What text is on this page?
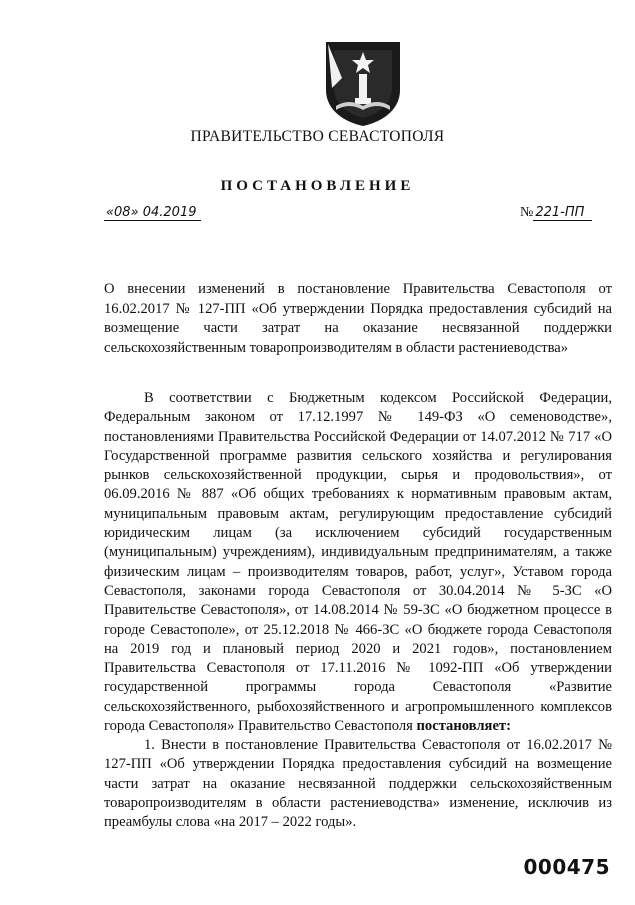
ПРАВИТЕЛЬСТВО СЕВАСТОПОЛЯ
ПОСТАНОВЛЕНИЕ
«08» 04.2019	№ 221-ПП
О внесении изменений в постановление Правительства Севастополя от 16.02.2017 № 127-ПП «Об утверждении Порядка предоставления субсидий на возмещение части затрат на оказание несвязанной поддержки сельскохозяйственным товаропроизводителям в области растениеводства»
В соответствии с Бюджетным кодексом Российской Федерации, Федеральным законом от 17.12.1997 № 149-ФЗ «О семеноводстве», постановлениями Правительства Российской Федерации от 14.07.2012 № 717 «О Государственной программе развития сельского хозяйства и регулирования рынков сельскохозяйственной продукции, сырья и продовольствия», от 06.09.2016 № 887 «Об общих требованиях к нормативным правовым актам, муниципальным правовым актам, регулирующим предоставление субсидий юридическим лицам (за исключением субсидий государственным (муниципальным) учреждениям), индивидуальным предпринимателям, а также физическим лицам – производителям товаров, работ, услуг», Уставом города Севастополя, законами города Севастополя от 30.04.2014 № 5-ЗС «О Правительстве Севастополя», от 14.08.2014 № 59-ЗС «О бюджетном процессе в городе Севастополе», от 25.12.2018 № 466-ЗС «О бюджете города Севастополя на 2019 год и плановый период 2020 и 2021 годов», постановлением Правительства Севастополя от 17.11.2016 № 1092-ПП «Об утверждении государственной программы города Севастополя «Развитие сельскохозяйственного, рыбохозяйственного и агропромышленного комплексов города Севастополя» Правительство Севастополя постановляет:
1. Внести в постановление Правительства Севастополя от 16.02.2017 № 127-ПП «Об утверждении Порядка предоставления субсидий на возмещение части затрат на оказание несвязанной поддержки сельскохозяйственным товаропроизводителям в области растениеводства» изменение, исключив из преамбулы слова «на 2017 – 2022 годы».
000475
